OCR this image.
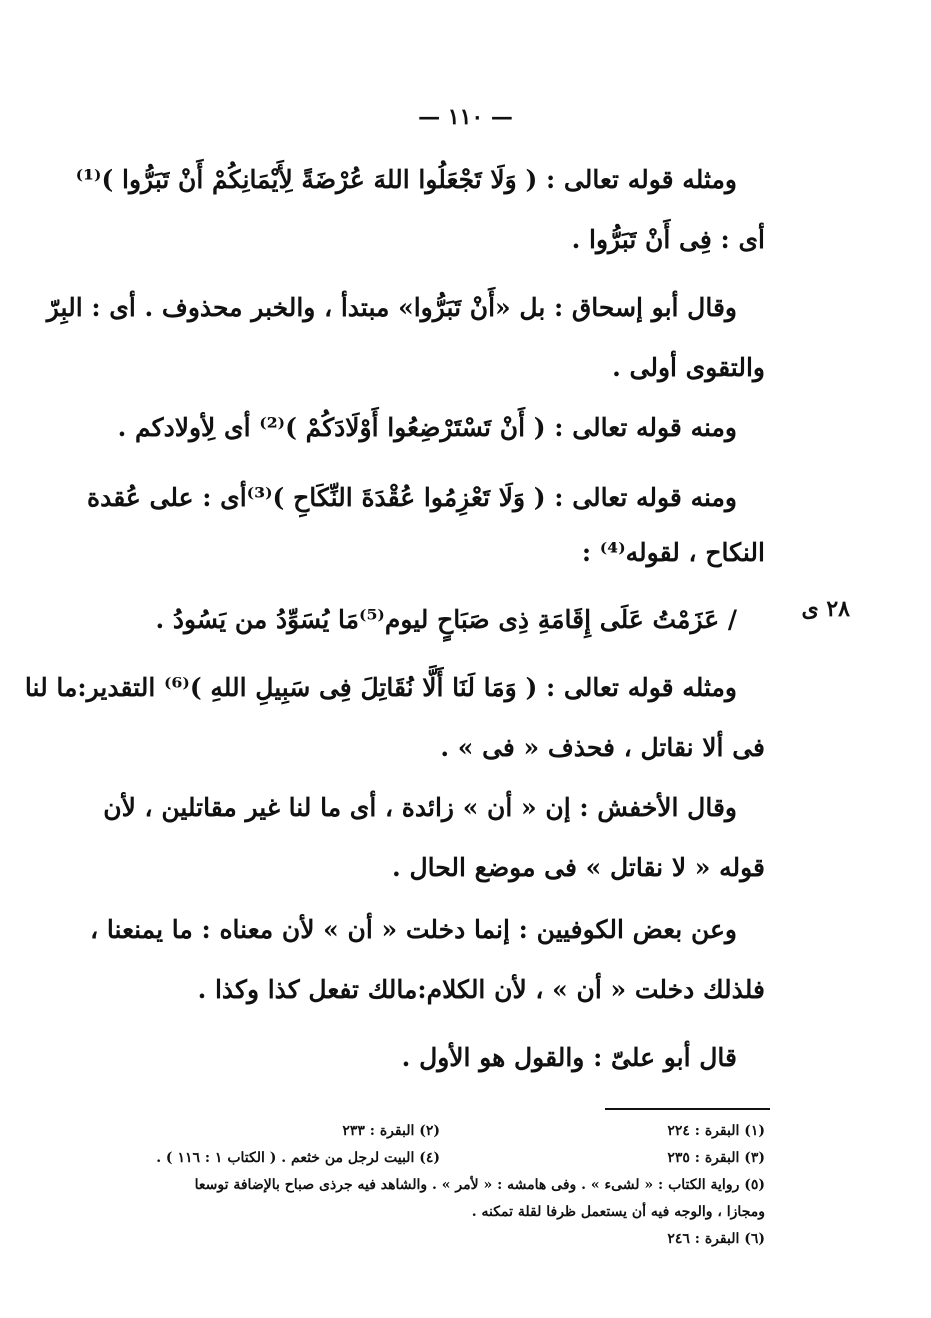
— ١١٠ —
٢٨ ى
ومثله قوله تعالى : ( وَلَا تَجْعَلُوا اللهَ عُرْضَةً لِأَيْمَانِكُمْ أَنْ تَبَرُّوا )⁽¹⁾
أى : فِى أَنْ تَبَرُّوا .
وقال أبو إسحاق : بل «أَنْ تَبَرُّوا» مبتدأ ، والخبر محذوف . أى : البِرّ
والتقوى أولى .
ومنه قوله تعالى : ( أَنْ تَسْتَرْضِعُوا أَوْلَادَكُمْ )⁽²⁾ أى لِأولادكم .
ومنه قوله تعالى : ( وَلَا تَعْزِمُوا عُقْدَةَ النِّكَاحِ )⁽³⁾أى : على عُقدة
النكاح ، لقوله⁽⁴⁾ :
/ عَزَمْتُ عَلَى إِقَامَةِ ذِى صَبَاحٍ ليوم⁽⁵⁾مَا يُسَوِّدُ من يَسُودُ .
ومثله قوله تعالى : ( وَمَا لَنَا أَلَّا نُقَاتِلَ فِى سَبِيلِ اللهِ )⁽⁶⁾ التقدير:ما لنا
فى ألا نقاتل ، فحذف « فى » .
وقال الأخفش : إن « أن » زائدة ، أى ما لنا غير مقاتلين ، لأن
قوله « لا نقاتل » فى موضع الحال .
وعن بعض الكوفيين : إنما دخلت « أن » لأن معناه : ما يمنعنا ،
فلذلك دخلت « أن » ، لأن الكلام:مالك تفعل كذا وكذا .
قال أبو علىّ : والقول هو الأول .
(١) البقرة : ٢٢٤
(٢) البقرة : ٢٣٣
(٣) البقرة : ٢٣٥
(٤) البيت لرجل من خثعم . ( الكتاب ١ : ١١٦ ) .
(٥) رواية الكتاب : « لشىء » . وفى هامشه : « لأمر » . والشاهد فيه جرذى صباح بالإضافة توسعا
ومجازا ، والوجه فيه أن يستعمل ظرفا لقلة تمكنه .
(٦) البقرة : ٢٤٦
